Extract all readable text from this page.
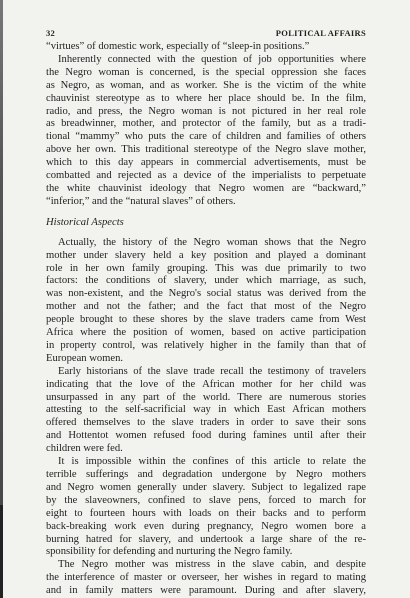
32	POLITICAL AFFAIRS
“virtues” of domestic work, especially of “sleep-in positions.”
Inherently connected with the question of job opportunities where
the Negro woman is concerned, is the special oppression she faces
as Negro, as woman, and as worker. She is the victim of the white
chauvinist stereotype as to where her place should be. In the film,
radio, and press, the Negro woman is not pictured in her real role
as breadwinner, mother, and protector of the family, but as a tradi-
tional “mammy” who puts the care of children and families of others
above her own. This traditional stereotype of the Negro slave mother,
which to this day appears in commercial advertisements, must be
combatted and rejected as a device of the imperialists to perpetuate
the white chauvinist ideology that Negro women are “backward,”
“inferior,” and the “natural slaves” of others.
Historical Aspects
Actually, the history of the Negro woman shows that the Negro
mother under slavery held a key position and played a dominant
role in her own family grouping. This was due primarily to two
factors: the conditions of slavery, under which marriage, as such,
was non-existent, and the Negro's social status was derived from the
mother and not the father; and the fact that most of the Negro
people brought to these shores by the slave traders came from West
Africa where the position of women, based on active participation
in property control, was relatively higher in the family than that of
European women.
Early historians of the slave trade recall the testimony of travelers
indicating that the love of the African mother for her child was
unsurpassed in any part of the world. There are numerous stories
attesting to the self-sacrificial way in which East African mothers
offered themselves to the slave traders in order to save their sons
and Hottentot women refused food during famines until after their
children were fed.
It is impossible within the confines of this article to relate the
terrible sufferings and degradation undergone by Negro mothers
and Negro women generally under slavery. Subject to legalized rape
by the slaveowners, confined to slave pens, forced to march for
eight to fourteen hours with loads on their backs and to perform
back-breaking work even during pregnancy, Negro women bore a
burning hatred for slavery, and undertook a large share of the re-
sponsibility for defending and nurturing the Negro family.
The Negro mother was mistress in the slave cabin, and despite
the interference of master or overseer, her wishes in regard to mating
and in family matters were paramount. During and after slavery,
